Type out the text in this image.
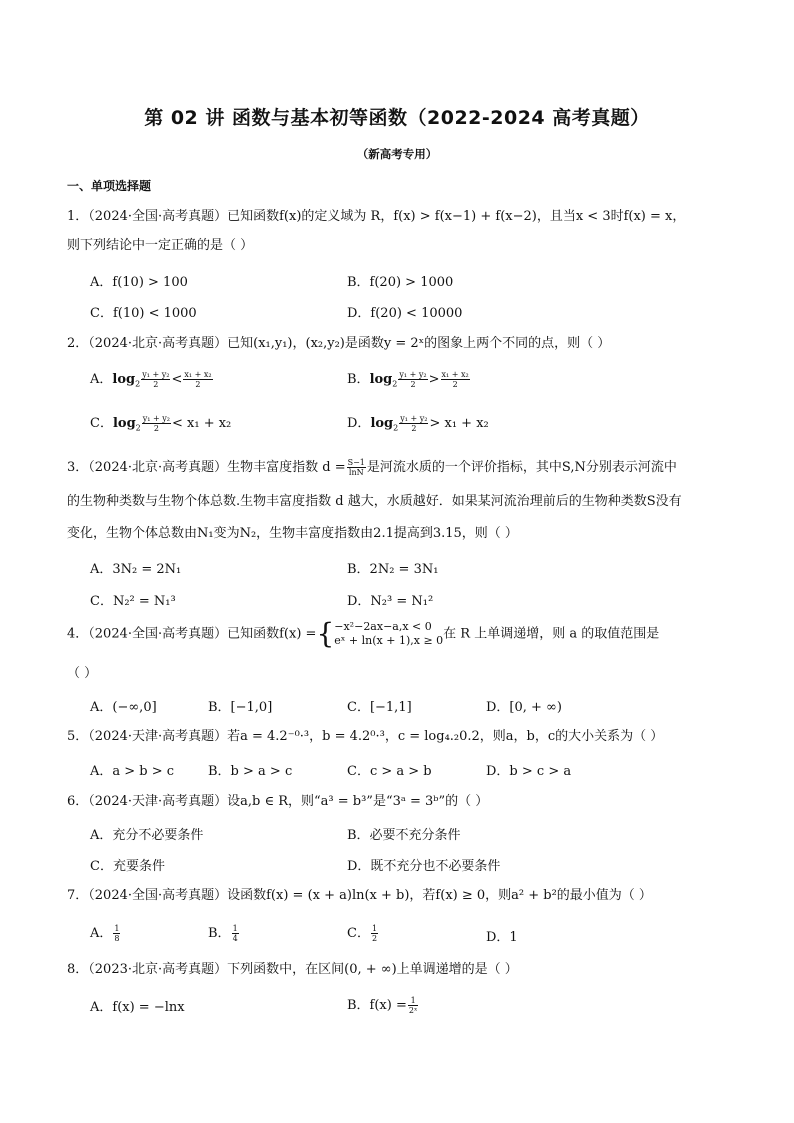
第 02 讲 函数与基本初等函数（2022-2024 高考真题）
（新高考专用）
一、单项选择题
1．（2024·全国·高考真题）已知函数f(x)的定义域为 R，f(x) > f(x−1) + f(x−2)，且当x < 3时f(x) = x，
则下列结论中一定正确的是（ ）
A．f(10) > 100	B．f(20) > 1000
C．f(10) < 1000	D．f(20) < 10000
2．（2024·北京·高考真题）已知(x₁,y₁)，(x₂,y₂)是函数y = 2ˣ的图象上两个不同的点，则（ ）
A．$\log_2 \frac{\text{y₁ + y₂}}{2} < \frac{\text{x₁ + x₂}}{2}$	B．$\log_2 \frac{\text{y₁ + y₂}}{2} > \frac{\text{x₁ + x₂}}{2}$
C．$\log_2 \frac{\text{y₁ + y₂}}{2} < x_1 + x_2$	D．$\log_2 \frac{\text{y₁ + y₂}}{2} > x_1 + x_2$
3．（2024·北京·高考真题）生物丰富度指数 $d = \frac{S-1}{\ln N}$ 是河流水质的一个评价指标，其中S,N分别表示河流中
的生物种类数与生物个体总数.生物丰富度指数 d 越大，水质越好．如果某河流治理前后的生物种类数S没有
变化，生物个体总数由N₁变为N₂，生物丰富度指数由2.1提高到3.15，则（ ）
A．3N₂ = 2N₁	B．2N₂ = 3N₁
C．N₂² = N₁³	D．N₂³ = N₁²
4．（2024·全国·高考真题）已知函数f(x) ={ −x²−2ax−a,x < 0
eˣ + ln(x + 1),x ≥ 0 在 R 上单调递增，则 a 的取值范围是
（ ）
A．(−∞,0]	B．[−1,0]	C．[−1,1]	D．[0, + ∞)
5．（2024·天津·高考真题）若a = 4.2⁻⁰·³，b = 4.2⁰·³，c = log₄.₂0.2，则a，b，c的大小关系为（ ）
A．a > b > c	B．b > a > c	C．c > a > b	D．b > c > a
6．（2024·天津·高考真题）设a,b ∈ R，则“a³ = b³”是“3ᵃ = 3ᵇ”的（ ）
A．充分不必要条件	B．必要不充分条件
C．充要条件	D．既不充分也不必要条件
7．（2024·全国·高考真题）设函数f(x) = (x + a)ln(x + b)，若f(x) ≥ 0，则a² + b²的最小值为（ ）
A． $\frac{1}{8}$	B． $\frac{1}{4}$	C． $\frac{1}{2}$	D．1
8．（2023·北京·高考真题）下列函数中，在区间(0, + ∞)上单调递增的是（ ）
A．f(x) = −lnx	B．$f(x) = \frac{1}{\text{2ˣ}}$
